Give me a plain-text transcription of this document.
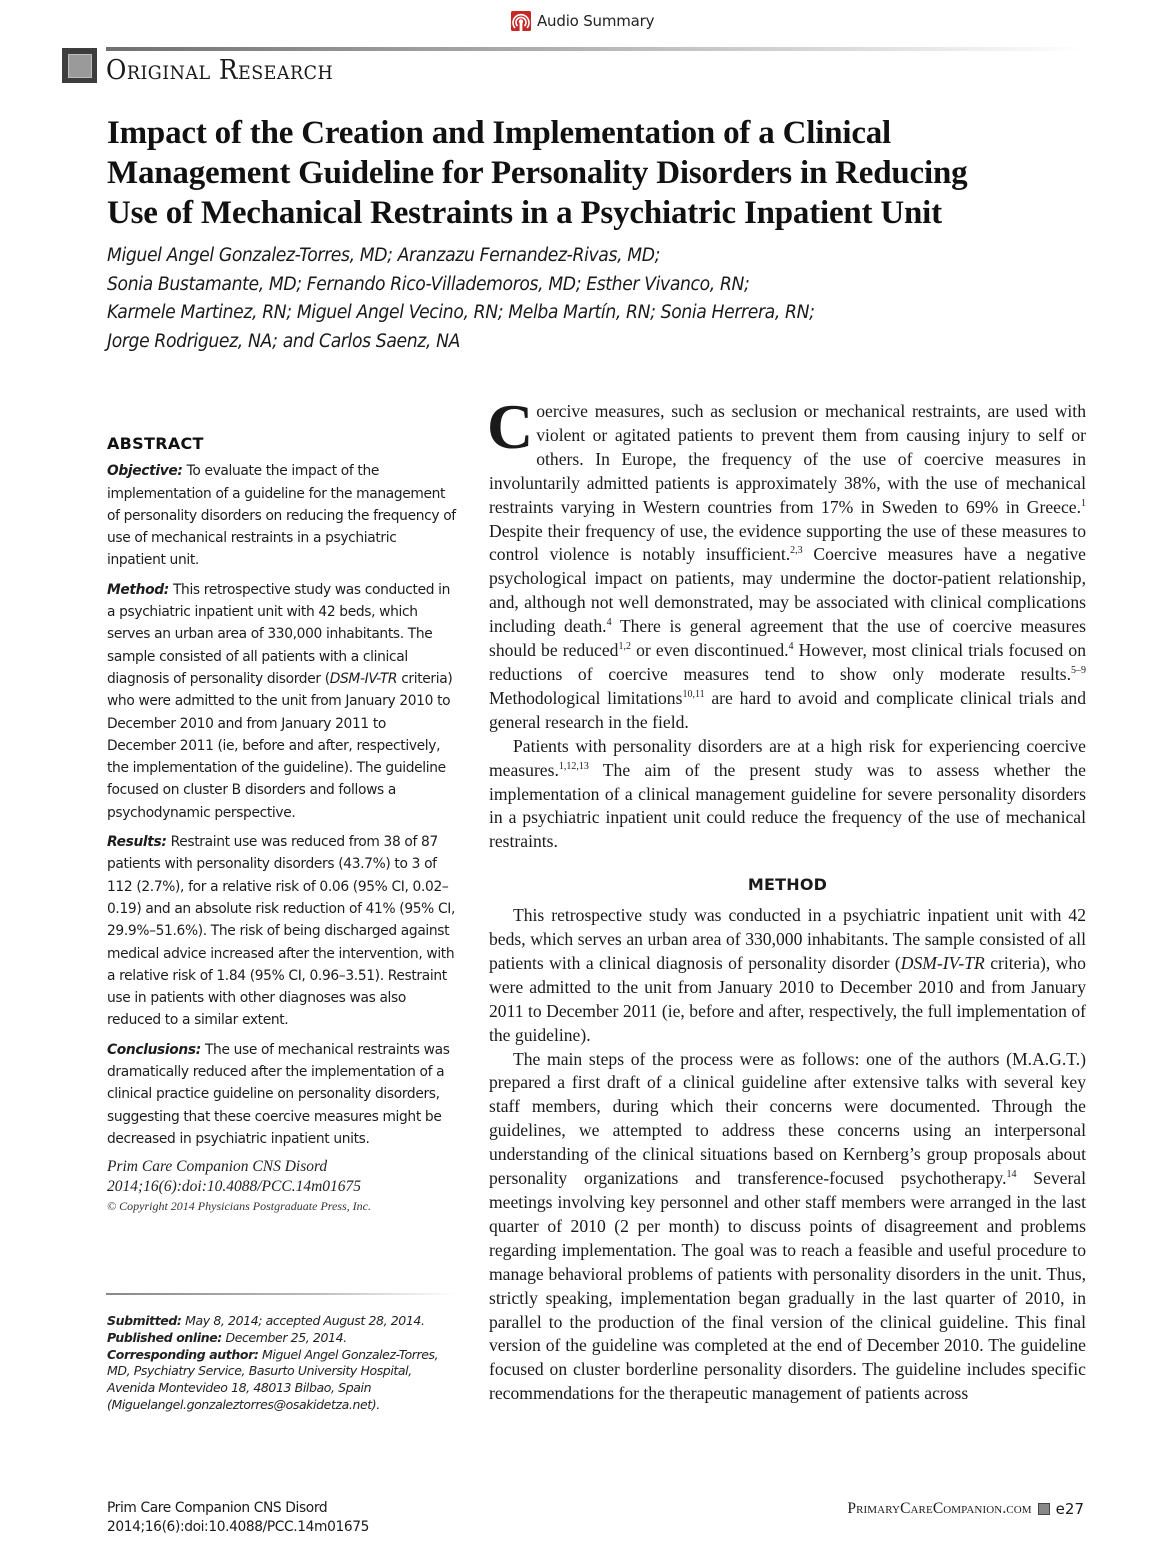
Audio Summary
Original Research
Impact of the Creation and Implementation of a Clinical
Management Guideline for Personality Disorders in Reducing
Use of Mechanical Restraints in a Psychiatric Inpatient Unit
Miguel Angel Gonzalez-Torres, MD; Aranzazu Fernandez-Rivas, MD;
Sonia Bustamante, MD; Fernando Rico-Villademoros, MD; Esther Vivanco, RN;
Karmele Martinez, RN; Miguel Angel Vecino, RN; Melba Martín, RN; Sonia Herrera, RN;
Jorge Rodriguez, NA; and Carlos Saenz, NA
ABSTRACT

Objective: To evaluate the impact of the implementation of a guideline for the management of personality disorders on reducing the frequency of use of mechanical restraints in a psychiatric inpatient unit.

Method: This retrospective study was conducted in a psychiatric inpatient unit with 42 beds, which serves an urban area of 330,000 inhabitants. The sample consisted of all patients with a clinical diagnosis of personality disorder (DSM-IV-TR criteria) who were admitted to the unit from January 2010 to December 2010 and from January 2011 to December 2011 (ie, before and after, respectively, the implementation of the guideline). The guideline focused on cluster B disorders and follows a psychodynamic perspective.

Results: Restraint use was reduced from 38 of 87 patients with personality disorders (43.7%) to 3 of 112 (2.7%), for a relative risk of 0.06 (95% CI, 0.02–0.19) and an absolute risk reduction of 41% (95% CI, 29.9%–51.6%). The risk of being discharged against medical advice increased after the intervention, with a relative risk of 1.84 (95% CI, 0.96–3.51). Restraint use in patients with other diagnoses was also reduced to a similar extent.

Conclusions: The use of mechanical restraints was dramatically reduced after the implementation of a clinical practice guideline on personality disorders, suggesting that these coercive measures might be decreased in psychiatric inpatient units.

Prim Care Companion CNS Disord
2014;16(6):doi:10.4088/PCC.14m01675
© Copyright 2014 Physicians Postgraduate Press, Inc.
Submitted: May 8, 2014; accepted August 28, 2014.
Published online: December 25, 2014.
Corresponding author: Miguel Angel Gonzalez-Torres, MD, Psychiatry Service, Basurto University Hospital, Avenida Montevideo 18, 48013 Bilbao, Spain (Miguelangel.gonzaleztorres@osakidetza.net).

Coercive measures, such as seclusion or mechanical restraints, are used with violent or agitated patients to prevent them from causing injury to self or others. In Europe, the frequency of the use of coercive measures in involuntarily admitted patients is approximately 38%, with the use of mechanical restraints varying in Western countries from 17% in Sweden to 69% in Greece.$^1$ Despite their frequency of use, the evidence supporting the use of these measures to control violence is notably insufficient.$^{2,3}$ Coercive measures have a negative psychological impact on patients, may undermine the doctor-patient relationship, and, although not well demonstrated, may be associated with clinical complications including death.$^4$ There is general agreement that the use of coercive measures should be reduced$^{1,2}$ or even discontinued.$^4$ However, most clinical trials focused on reductions of coercive measures tend to show only moderate results.$^{5-9}$ Methodological limitations$^{10,11}$ are hard to avoid and complicate clinical trials and general research in the field.

Patients with personality disorders are at a high risk for experiencing coercive measures.$^{1,12,13}$ The aim of the present study was to assess whether the implementation of a clinical management guideline for severe personality disorders in a psychiatric inpatient unit could reduce the frequency of the use of mechanical restraints.

METHOD

This retrospective study was conducted in a psychiatric inpatient unit with 42 beds, which serves an urban area of 330,000 inhabitants. The sample consisted of all patients with a clinical diagnosis of personality disorder (DSM-IV-TR criteria), who were admitted to the unit from January 2010 to December 2010 and from January 2011 to December 2011 (ie, before and after, respectively, the full implementation of the guideline).

The main steps of the process were as follows: one of the authors (M.A.G.T.) prepared a first draft of a clinical guideline after extensive talks with several key staff members, during which their concerns were documented. Through the guidelines, we attempted to address these concerns using an interpersonal understanding of the clinical situations based on Kernberg’s group proposals about personality organizations and transference-focused psychotherapy.$^{14}$ Several meetings involving key personnel and other staff members were arranged in the last quarter of 2010 (2 per month) to discuss points of disagreement and problems regarding implementation. The goal was to reach a feasible and useful procedure to manage behavioral problems of patients with personality disorders in the unit. Thus, strictly speaking, implementation began gradually in the last quarter of 2010, in parallel to the production of the final version of the clinical guideline. This final version of the guideline was completed at the end of December 2010. The guideline focused on cluster borderline personality disorders. The guideline includes specific recommendations for the therapeutic management of patients across

Prim Care Companion CNS Disord
2014;16(6):doi:10.4088/PCC.14m01675
PrimaryCareCompanion.com e27
